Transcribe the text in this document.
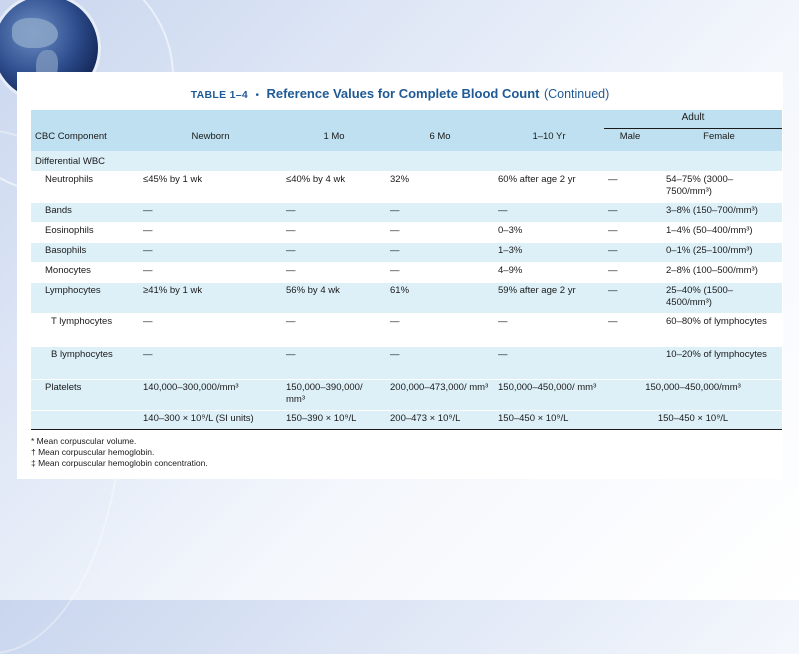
TABLE 1–4 • Reference Values for Complete Blood Count (Continued)
					Adult	
CBC Component	Newborn	1 Mo	6 Mo	1–10 Yr	Male	Female
Differential WBC						
Neutrophils	≤45% by 1 wk	≤40% by 4 wk	32%	60% after age 2 yr	—	54–75% (3000–7500/mm³)
Bands	—	—	—	—	—	3–8% (150–700/mm³)
Eosinophils	—	—	—	0–3%	—	1–4% (50–400/mm³)
Basophils	—	—	—	1–3%	—	0–1% (25–100/mm³)
Monocytes	—	—	—	4–9%	—	2–8% (100–500/mm³)
Lymphocytes	≥41% by 1 wk	56% by 4 wk	61%	59% after age 2 yr	—	25–40% (1500–4500/mm³)
T lymphocytes	—	—	—	—	—	60–80% of lymphocytes
B lymphocytes	—	—	—	—		10–20% of lymphocytes
Platelets	140,000–300,000/mm³	150,000–390,000/ mm³	200,000–473,000/ mm³	150,000–450,000/ mm³	150,000–450,000/mm³	
	140–300 × 10⁹/L (SI units)	150–390 × 10⁹/L	200–473 × 10⁹/L	150–450 × 10⁹/L	150–450 × 10⁹/L	
* Mean corpuscular volume.
† Mean corpuscular hemoglobin.
‡ Mean corpuscular hemoglobin concentration.
